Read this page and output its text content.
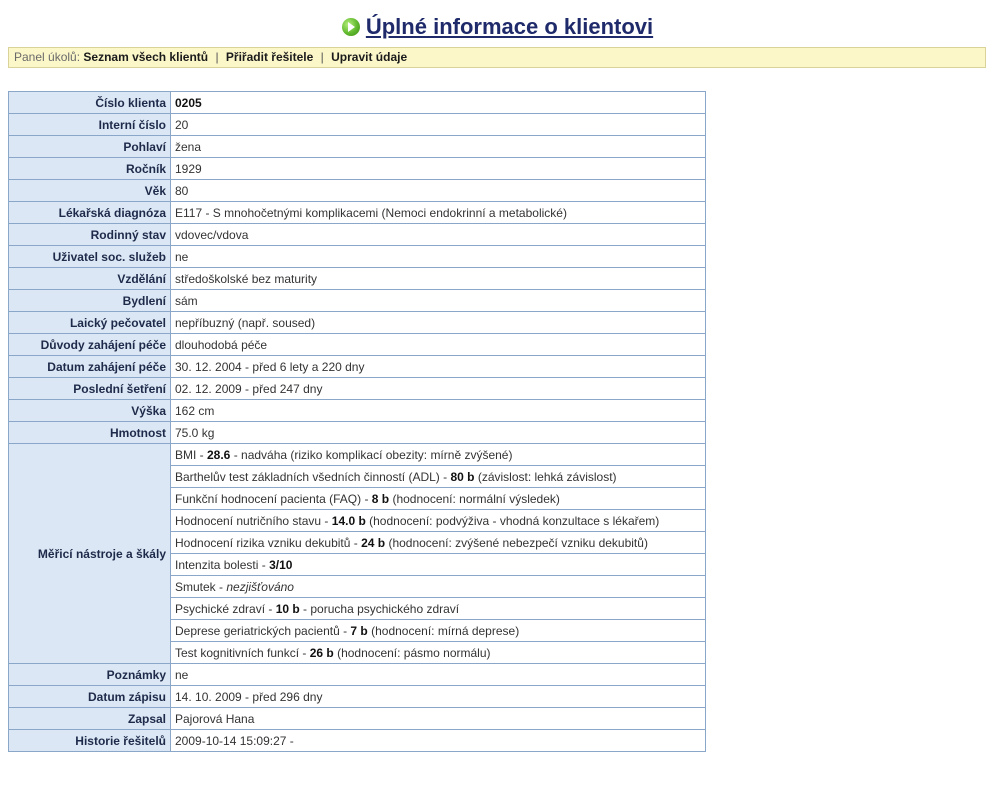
Úplné informace o klientovi
Panel úkolů: Seznam všech klientů | Přiřadit řešitele | Upravit údaje
Číslo klienta	0205
Interní číslo	20
Pohlaví	žena
Ročník	1929
Věk	80
Lékařská diagnóza	E117 - S mnohočetnými komplikacemi (Nemoci endokrinní a metabolické)
Rodinný stav	vdovec/vdova
Uživatel soc. služeb	ne
Vzdělání	středoškolské bez maturity
Bydlení	sám
Laický pečovatel	nepříbuzný (např. soused)
Důvody zahájení péče	dlouhodobá péče
Datum zahájení péče	30. 12. 2004 - před 6 lety a 220 dny
Poslední šetření	02. 12. 2009 - před 247 dny
Výška	162 cm
Hmotnost	75.0 kg
Měřicí nástroje a škály	BMI - 28.6 - nadváha (riziko komplikací obezity: mírně zvýšené)
	Barthelův test základních všedních činností (ADL) - 80 b (závislost: lehká závislost)
	Funkční hodnocení pacienta (FAQ) - 8 b (hodnocení: normální výsledek)
	Hodnocení nutričního stavu - 14.0 b (hodnocení: podvýživa - vhodná konzultace s lékařem)
	Hodnocení rizika vzniku dekubitů - 24 b (hodnocení: zvýšené nebezpečí vzniku dekubitů)
	Intenzita bolesti - 3/10
	Smutek - nezjišťováno
	Psychické zdraví - 10 b - porucha psychického zdraví
	Deprese geriatrických pacientů - 7 b (hodnocení: mírná deprese)
	Test kognitivních funkcí - 26 b (hodnocení: pásmo normálu)
Poznámky	ne
Datum zápisu	14. 10. 2009 - před 296 dny
Zapsal	Pajorová Hana
Historie řešitelů	2009-10-14 15:09:27 -
